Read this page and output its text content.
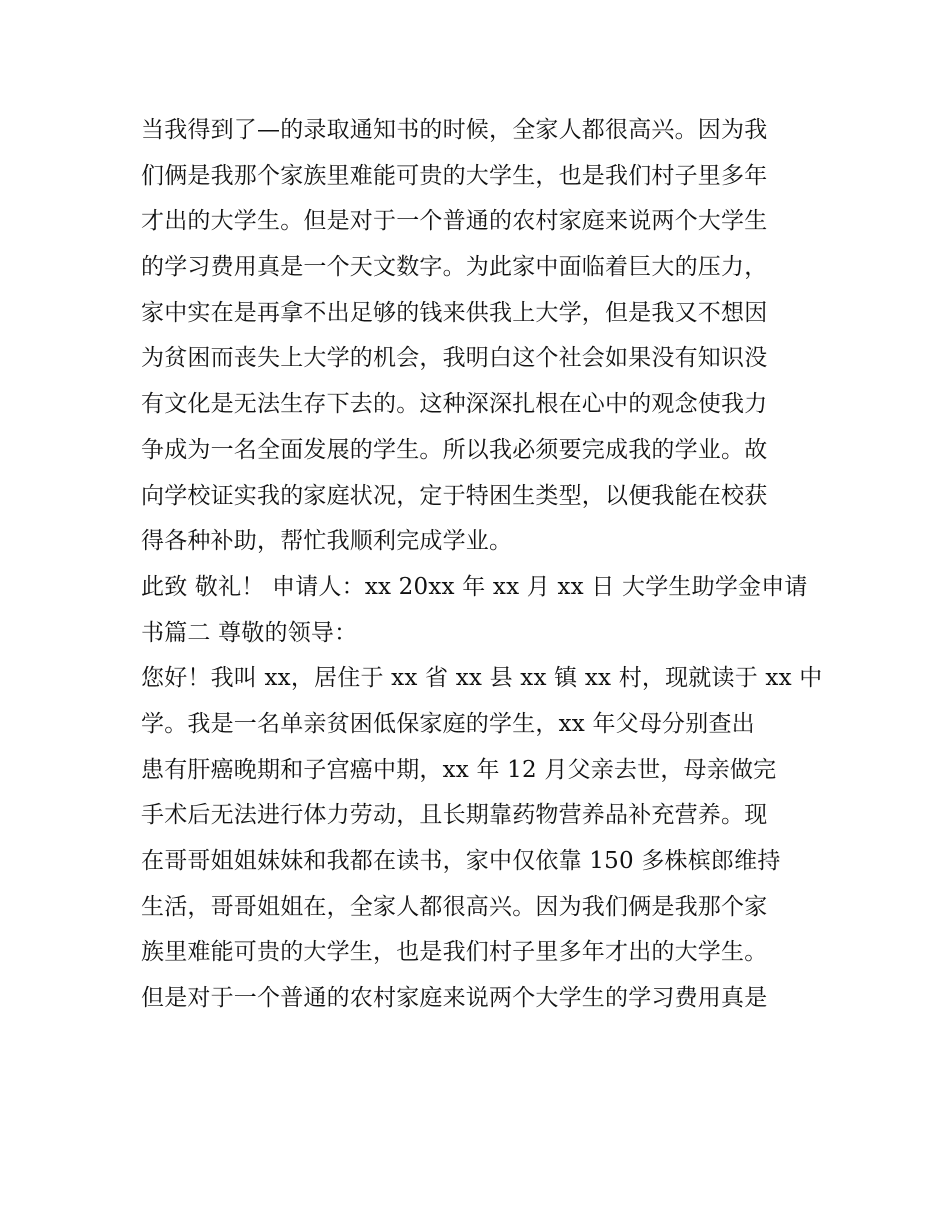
当我得到了—的录取通知书的时候，全家人都很高兴。因为我
们俩是我那个家族里难能可贵的大学生，也是我们村子里多年
才出的大学生。但是对于一个普通的农村家庭来说两个大学生
的学习费用真是一个天文数字。为此家中面临着巨大的压力，
家中实在是再拿不出足够的钱来供我上大学，但是我又不想因
为贫困而丧失上大学的机会，我明白这个社会如果没有知识没
有文化是无法生存下去的。这种深深扎根在心中的观念使我力
争成为一名全面发展的学生。所以我必须要完成我的学业。故
向学校证实我的家庭状况，定于特困生类型，以便我能在校获
得各种补助，帮忙我顺利完成学业。
此致 敬礼！ 申请人：xx 20xx 年 xx 月 xx 日 大学生助学金申请
书篇二 尊敬的领导：
您好！我叫 xx，居住于 xx 省 xx 县 xx 镇 xx 村，现就读于 xx 中
学。我是一名单亲贫困低保家庭的学生，xx 年父母分别查出
患有肝癌晚期和子宫癌中期，xx 年 12 月父亲去世，母亲做完
手术后无法进行体力劳动，且长期靠药物营养品补充营养。现
在哥哥姐姐妹妹和我都在读书，家中仅依靠 150 多株槟郎维持
生活，哥哥姐姐在，全家人都很高兴。因为我们俩是我那个家
族里难能可贵的大学生，也是我们村子里多年才出的大学生。
但是对于一个普通的农村家庭来说两个大学生的学习费用真是
